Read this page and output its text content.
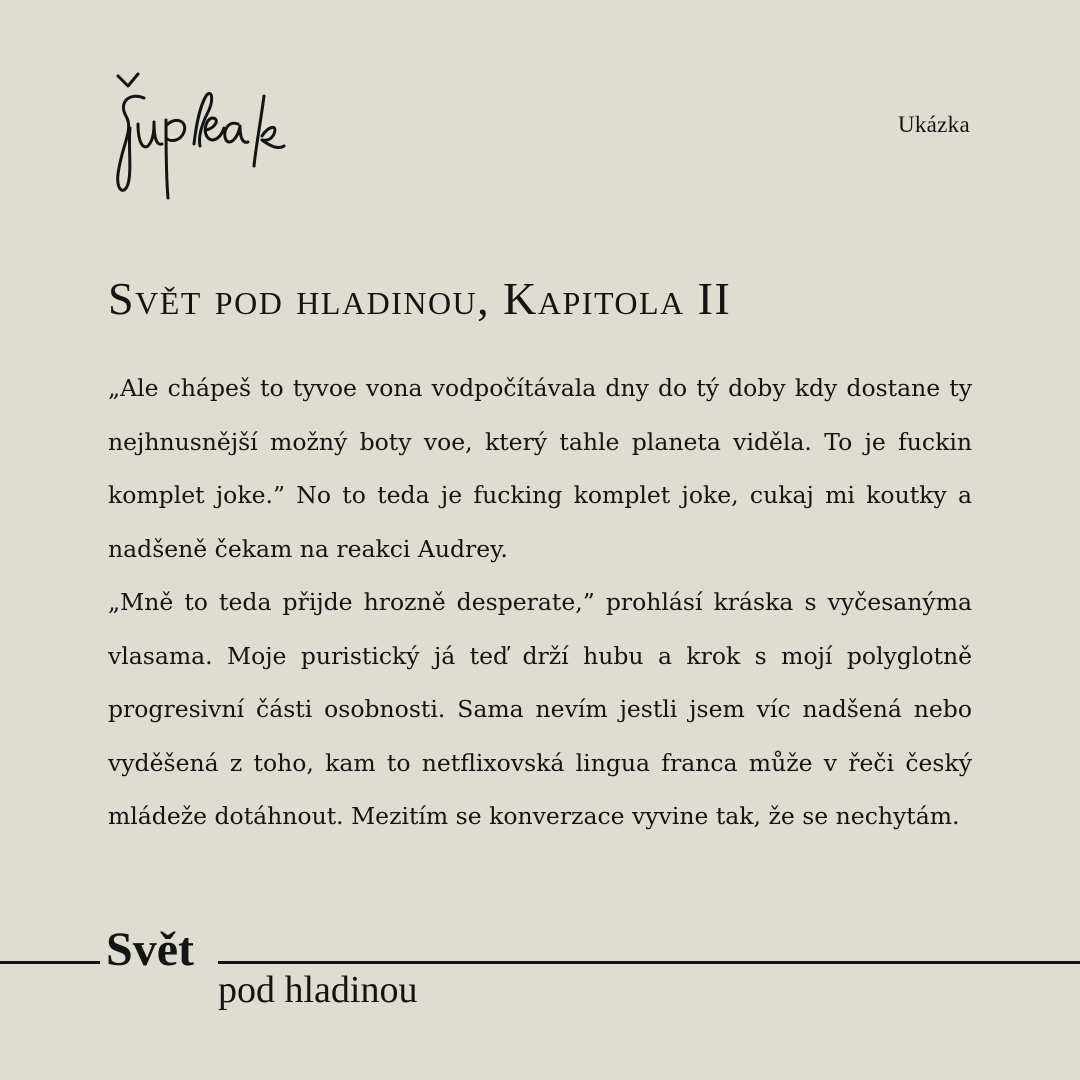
Ukázka
Svět pod hladinou, Kapitola II

„Ale chápeš to tyvoe vona vodpočítávala dny do tý doby kdy dostane ty nejhnusnější možný boty voe, který tahle planeta viděla. To je fuckin komplet joke.” No to teda je fucking komplet joke, cukaj mi koutky a nadšeně čekam na reakci Audrey.

„Mně to teda přijde hrozně desperate,” prohlásí kráska s vyčesanýma vlasama. Moje puristický já teď drží hubu a krok s mojí polyglotně progresivní části osobnosti. Sama nevím jestli jsem víc nadšená nebo vyděšená z toho, kam to netflixovská lingua franca může v řeči český mládeže dotáhnout. Mezitím se konverzace vyvine tak, že se nechytám.

Svět
pod hladinou
